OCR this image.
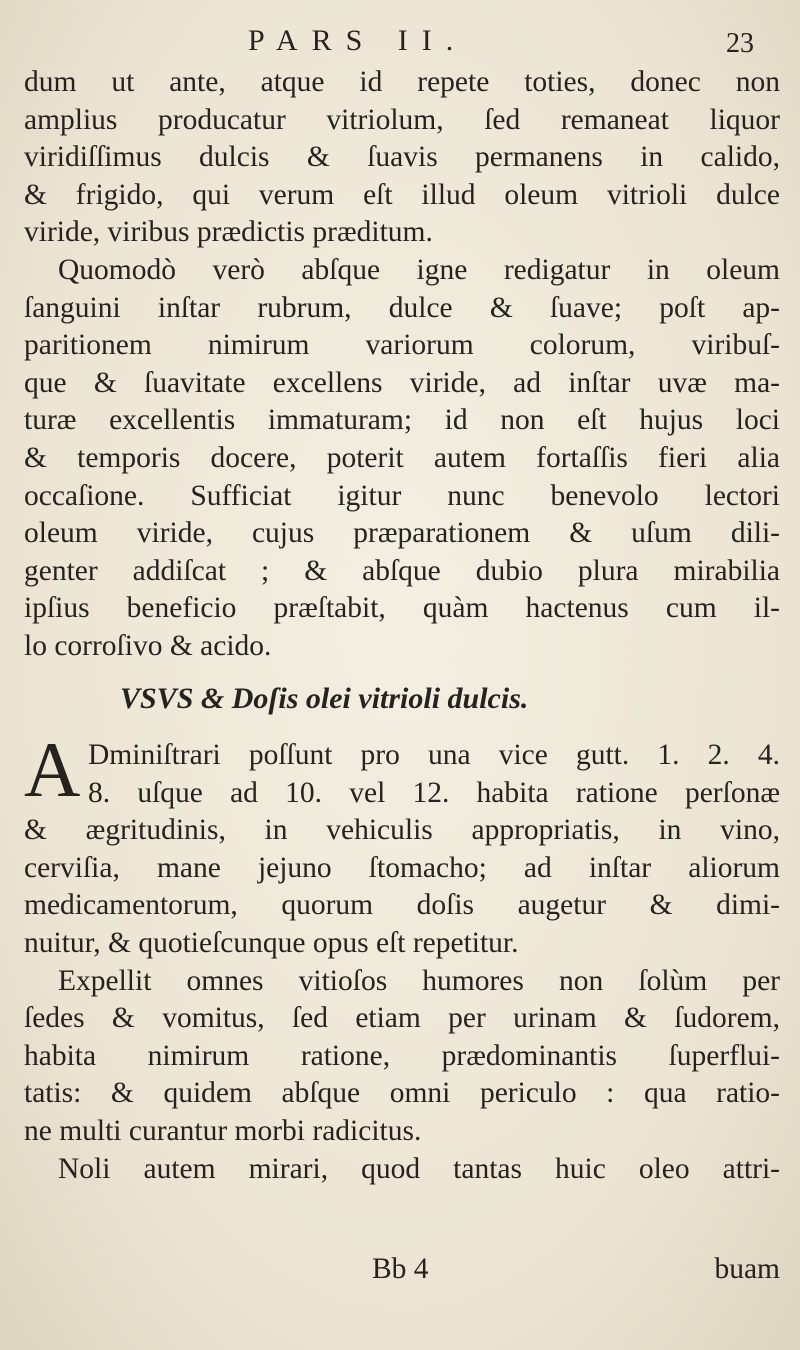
PARS II.	23
dum ut ante, atque id repete toties, donec non
amplius producatur vitriolum, ſed remaneat liquor
viridiſſimus dulcis & ſuavis permanens in calido,
& frigido, qui verum eſt illud oleum vitrioli dulce
viride, viribus prædictis præditum.
Quomodò verò abſque igne redigatur in oleum
ſanguini inſtar rubrum, dulce & ſuave; poſt ap-
paritionem nimirum variorum colorum, viribuſ-
que & ſuavitate excellens viride, ad inſtar uvæ ma-
turæ excellentis immaturam; id non eſt hujus loci
& temporis docere, poterit autem fortaſſis fieri alia
occaſione. Sufficiat igitur nunc benevolo lectori
oleum viride, cujus præparationem & uſum dili-
genter addiſcat ; & abſque dubio plura mirabilia
ipſius beneficio præſtabit, quàm hactenus cum il-
lo corroſivo & acido.
VSVS & Doſis olei vitrioli dulcis.
A Dminiſtrari poſſunt pro una vice gutt. 1. 2. 4.
8. uſque ad 10. vel 12. habita ratione perſonæ
& ægritudinis, in vehiculis appropriatis, in vino,
cerviſia, mane jejuno ſtomacho; ad inſtar aliorum
medicamentorum, quorum doſis augetur & dimi-
nuitur, & quotieſcunque opus eſt repetitur.
Expellit omnes vitioſos humores non ſolùm per
ſedes & vomitus, ſed etiam per urinam & ſudorem,
habita nimirum ratione, prædominantis ſuperflui-
tatis: & quidem abſque omni periculo : qua ratio-
ne multi curantur morbi radicitus.
Noli autem mirari, quod tantas huic oleo attri-
Bb 4	buam
